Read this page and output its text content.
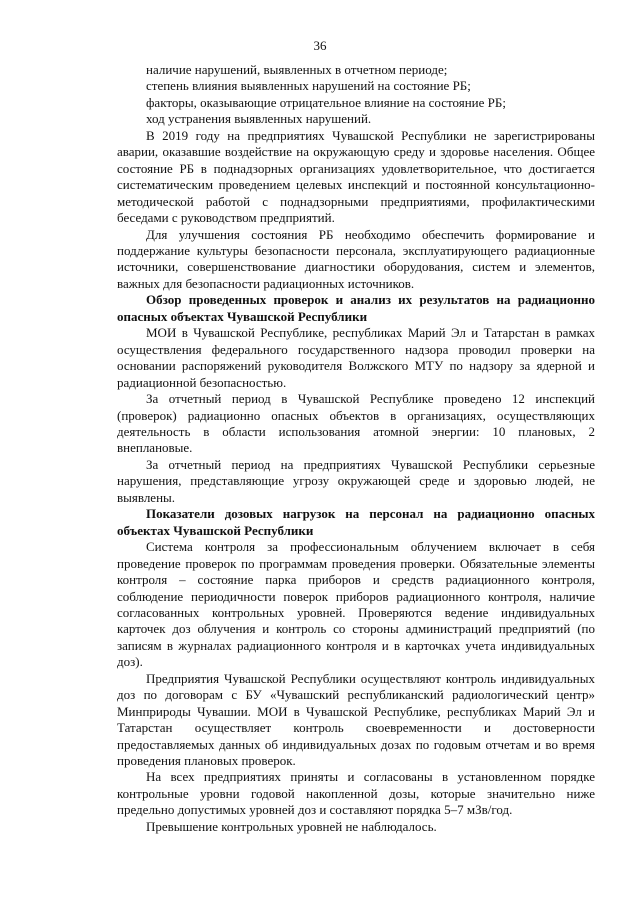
36

наличие нарушений, выявленных в отчетном периоде;

степень влияния выявленных нарушений на состояние РБ;

факторы, оказывающие отрицательное влияние на состояние РБ;

ход устранения выявленных нарушений.

В 2019 году на предприятиях Чувашской Республики не зарегистрированы аварии, оказавшие воздействие на окружающую среду и здоровье населения. Общее состояние РБ в поднадзорных организациях удовлетворительное, что достигается систематическим проведением целевых инспекций и постоянной консультационно-методической работой с поднадзорными предприятиями, профилактическими беседами с руководством предприятий.

Для улучшения состояния РБ необходимо обеспечить формирование и поддержание культуры безопасности персонала, эксплуатирующего радиационные источники, совершенствование диагностики оборудования, систем и элементов, важных для безопасности радиационных источников.

Обзор проведенных проверок и анализ их результатов на радиационно опасных объектах Чувашской Республики

МОИ в Чувашской Республике, республиках Марий Эл и Татарстан в рамках осуществления федерального государственного надзора проводил проверки на основании распоряжений руководителя Волжского МТУ по надзору за ядерной и радиационной безопасностью.

За отчетный период в Чувашской Республике проведено 12 инспекций (проверок) радиационно опасных объектов в организациях, осуществляющих деятельность в области использования атомной энергии: 10 плановых, 2 внеплановые.

За отчетный период на предприятиях Чувашской Республики серьезные нарушения, представляющие угрозу окружающей среде и здоровью людей, не выявлены.

Показатели дозовых нагрузок на персонал на радиационно опасных объектах Чувашской Республики

Система контроля за профессиональным облучением включает в себя проведение проверок по программам проведения проверки. Обязательные элементы контроля – состояние парка приборов и средств радиационного контроля, соблюдение периодичности поверок приборов радиационного контроля, наличие согласованных контрольных уровней. Проверяются ведение индивидуальных карточек доз облучения и контроль со стороны администраций предприятий (по записям в журналах радиационного контроля и в карточках учета индивидуальных доз).

Предприятия Чувашской Республики осуществляют контроль индивидуальных доз по договорам с БУ «Чувашский республиканский радиологический центр» Минприроды Чувашии. МОИ в Чувашской Республике, республиках Марий Эл и Татарстан осуществляет контроль своевременности и достоверности предоставляемых данных об индивидуальных дозах по годовым отчетам и во время проведения плановых проверок.

На всех предприятиях приняты и согласованы в установленном порядке контрольные уровни годовой накопленной дозы, которые значительно ниже предельно допустимых уровней доз и составляют порядка 5–7 мЗв/год.

Превышение контрольных уровней не наблюдалось.
